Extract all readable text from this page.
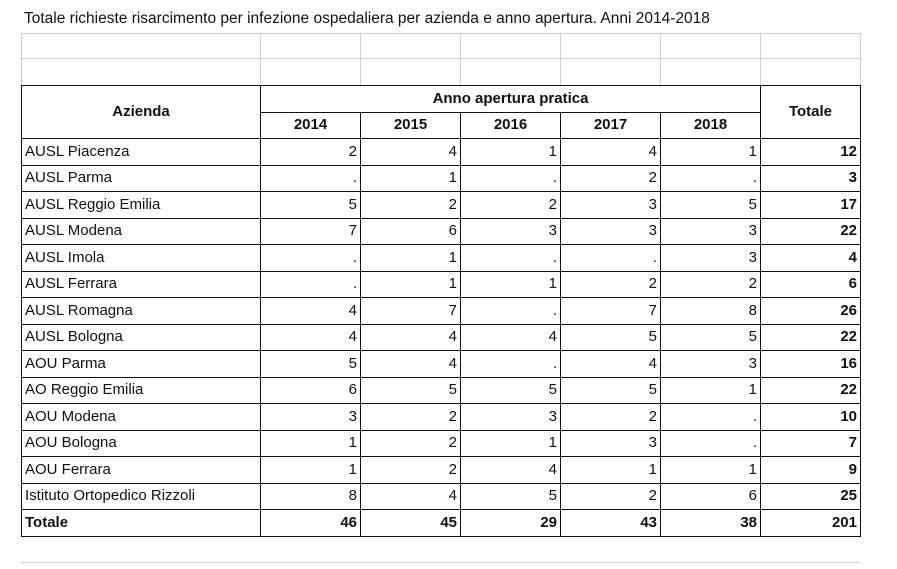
Totale richieste risarcimento per infezione ospedaliera per azienda e anno apertura. Anni 2014-2018
Azienda	Anno apertura pratica					Totale
	2014	2015	2016	2017	2018	
AUSL Piacenza	2	4	1	4	1	12
AUSL Parma	.	1	.	2	.	3
AUSL Reggio Emilia	5	2	2	3	5	17
AUSL Modena	7	6	3	3	3	22
AUSL Imola	.	1	.	.	3	4
AUSL Ferrara	.	1	1	2	2	6
AUSL Romagna	4	7	.	7	8	26
AUSL Bologna	4	4	4	5	5	22
AOU Parma	5	4	.	4	3	16
AO Reggio Emilia	6	5	5	5	1	22
AOU Modena	3	2	3	2	.	10
AOU Bologna	1	2	1	3	.	7
AOU Ferrara	1	2	4	1	1	9
Istituto Ortopedico Rizzoli	8	4	5	2	6	25
Totale	46	45	29	43	38	201
